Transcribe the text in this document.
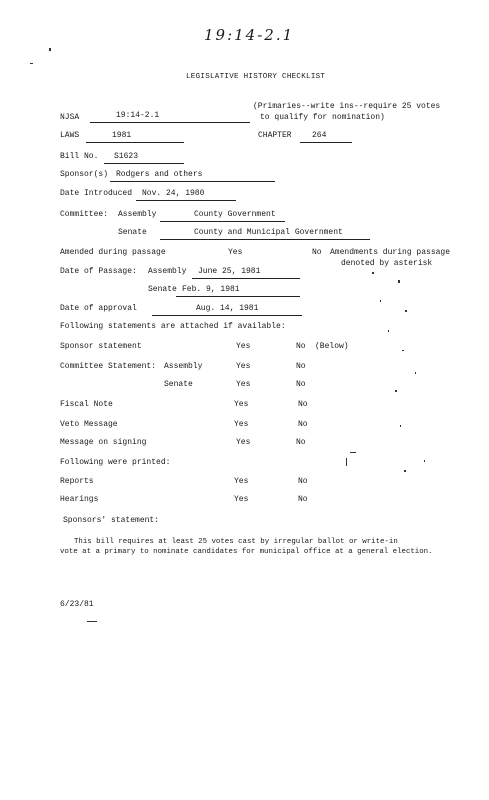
19:14-2.1
LEGISLATIVE HISTORY CHECKLIST
NJSA	19:14-2.1
(Primaries--write ins--require 25 votes
to qualify for nomination)
LAWS	1981	CHAPTER	264
Bill No.	S1623
Sponsor(s) Rodgers and others
Date Introduced	Nov. 24, 1980
Committee: Assembly	County Government
Senate	County and Municipal Government
Amended during passage	Yes	No Amendments during passage
denoted by asterisk
Date of Passage: Assembly	June 25, 1981
Senate Feb. 9, 1981
Date of approval	Aug. 14, 1981
Following statements are attached if available:
Sponsor statement	Yes	No (Below)
Committee Statement: Assembly	Yes	No
Senate	Yes	No
Fiscal Note	Yes	No
Veto Message	Yes	No
Message on signing	Yes	No
Following were printed:
Reports	Yes	No
Hearings	Yes	No
Sponsors' statement:
This bill requires at least 25 votes cast by irregular ballot or write-in
vote at a primary to nominate candidates for municipal office at a general election.
6/23/81
